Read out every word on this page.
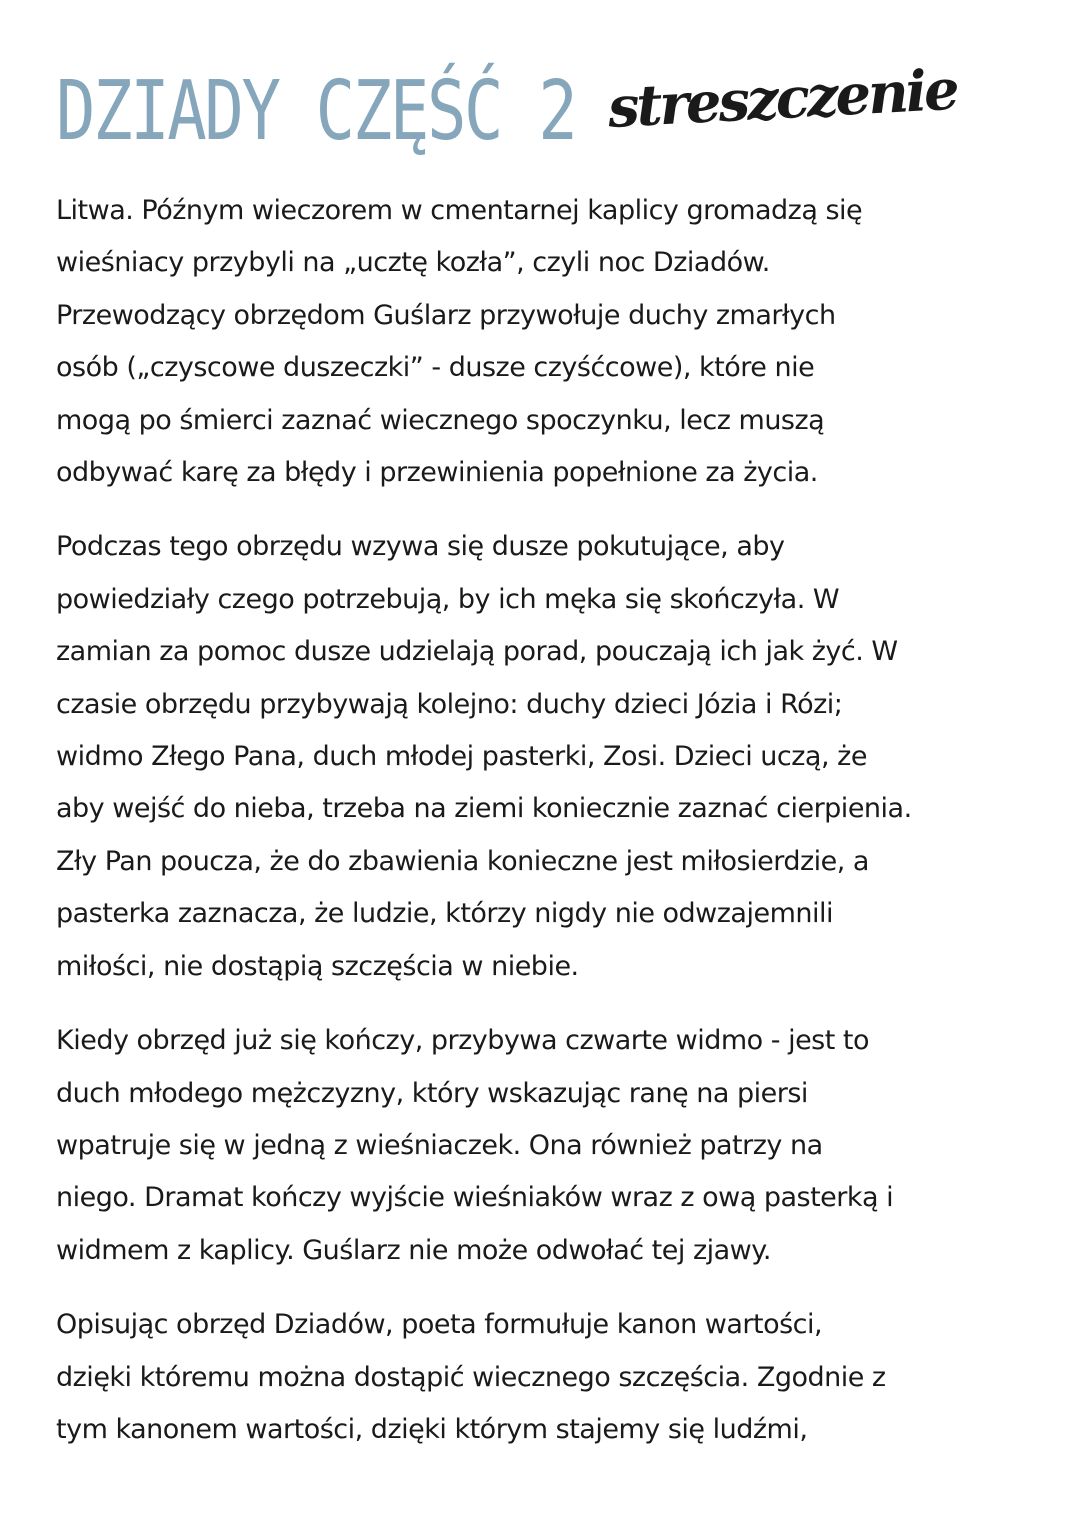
DZIADY CZĘŚĆ 2 streszczenie

Litwa. Późnym wieczorem w cmentarnej kaplicy gromadzą się
wieśniacy przybyli na „ucztę kozła”, czyli noc Dziadów.
Przewodzący obrzędom Guślarz przywołuje duchy zmarłych
osób („czyscowe duszeczki” - dusze czyśćcowe), które nie
mogą po śmierci zaznać wiecznego spoczynku, lecz muszą
odbywać karę za błędy i przewinienia popełnione za życia.

Podczas tego obrzędu wzywa się dusze pokutujące, aby
powiedziały czego potrzebują, by ich męka się skończyła. W
zamian za pomoc dusze udzielają porad, pouczają ich jak żyć. W
czasie obrzędu przybywają kolejno: duchy dzieci Józia i Rózi;
widmo Złego Pana, duch młodej pasterki, Zosi. Dzieci uczą, że
aby wejść do nieba, trzeba na ziemi koniecznie zaznać cierpienia.
Zły Pan poucza, że do zbawienia konieczne jest miłosierdzie, a
pasterka zaznacza, że ludzie, którzy nigdy nie odwzajemnili
miłości, nie dostąpią szczęścia w niebie.

Kiedy obrzęd już się kończy, przybywa czwarte widmo - jest to
duch młodego mężczyzny, który wskazując ranę na piersi
wpatruje się w jedną z wieśniaczek. Ona również patrzy na
niego. Dramat kończy wyjście wieśniaków wraz z ową pasterką i
widmem z kaplicy. Guślarz nie może odwołać tej zjawy.

Opisując obrzęd Dziadów, poeta formułuje kanon wartości,
dzięki któremu można dostąpić wiecznego szczęścia. Zgodnie z
tym kanonem wartości, dzięki którym stajemy się ludźmi,
